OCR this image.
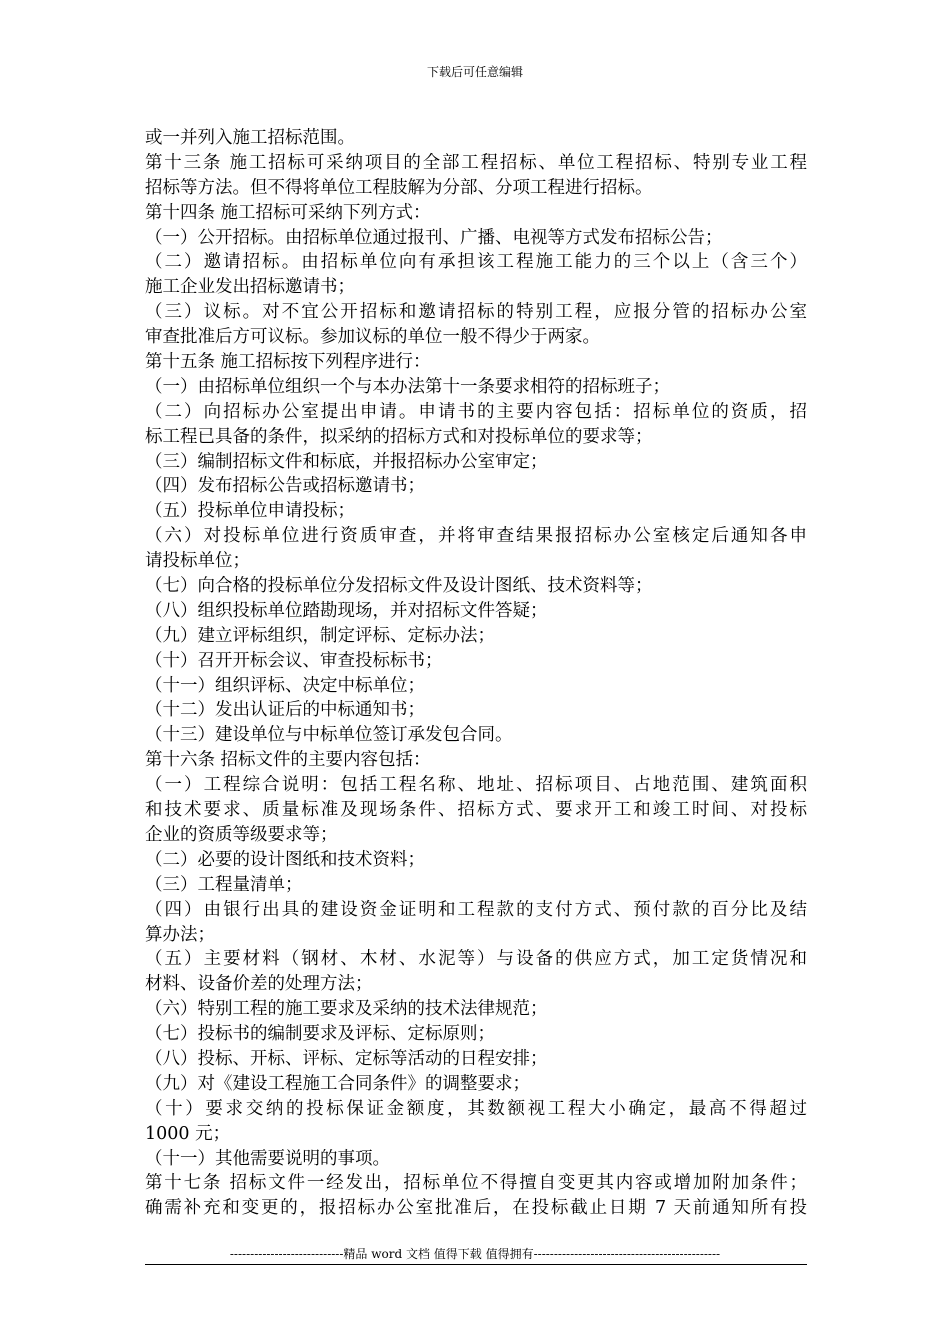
下载后可任意编辑
或一并列入施工招标范围。
第十三条 施工招标可采纳项目的全部工程招标、单位工程招标、特别专业工程
招标等方法。但不得将单位工程肢解为分部、分项工程进行招标。
第十四条 施工招标可采纳下列方式：
（一）公开招标。由招标单位通过报刊、广播、电视等方式发布招标公告；
（二）邀请招标。由招标单位向有承担该工程施工能力的三个以上（含三个）
施工企业发出招标邀请书；
（三）议标。对不宜公开招标和邀请招标的特别工程，应报分管的招标办公室
审查批准后方可议标。参加议标的单位一般不得少于两家。
第十五条 施工招标按下列程序进行：
（一）由招标单位组织一个与本办法第十一条要求相符的招标班子；
（二）向招标办公室提出申请。申请书的主要内容包括：招标单位的资质，招
标工程已具备的条件，拟采纳的招标方式和对投标单位的要求等；
（三）编制招标文件和标底，并报招标办公室审定；
（四）发布招标公告或招标邀请书；
（五）投标单位申请投标；
（六）对投标单位进行资质审查，并将审查结果报招标办公室核定后通知各申
请投标单位；
（七）向合格的投标单位分发招标文件及设计图纸、技术资料等；
（八）组织投标单位踏勘现场，并对招标文件答疑；
（九）建立评标组织，制定评标、定标办法；
（十）召开开标会议、审查投标标书；
（十一）组织评标、决定中标单位；
（十二）发出认证后的中标通知书；
（十三）建设单位与中标单位签订承发包合同。
第十六条 招标文件的主要内容包括：
（一）工程综合说明：包括工程名称、地址、招标项目、占地范围、建筑面积
和技术要求、质量标准及现场条件、招标方式、要求开工和竣工时间、对投标
企业的资质等级要求等；
（二）必要的设计图纸和技术资料；
（三）工程量清单；
（四）由银行出具的建设资金证明和工程款的支付方式、预付款的百分比及结
算办法；
（五）主要材料（钢材、木材、水泥等）与设备的供应方式，加工定货情况和
材料、设备价差的处理方法；
（六）特别工程的施工要求及采纳的技术法律规范；
（七）投标书的编制要求及评标、定标原则；
（八）投标、开标、评标、定标等活动的日程安排；
（九）对《建设工程施工合同条件》的调整要求；
（十）要求交纳的投标保证金额度，其数额视工程大小确定，最高不得超过
1000 元；
（十一）其他需要说明的事项。
第十七条 招标文件一经发出，招标单位不得擅自变更其内容或增加附加条件；
确需补充和变更的，报招标办公室批准后，在投标截止日期 7 天前通知所有投
----------------------------精品 word 文档 值得下载 值得拥有----------------------------------------------
